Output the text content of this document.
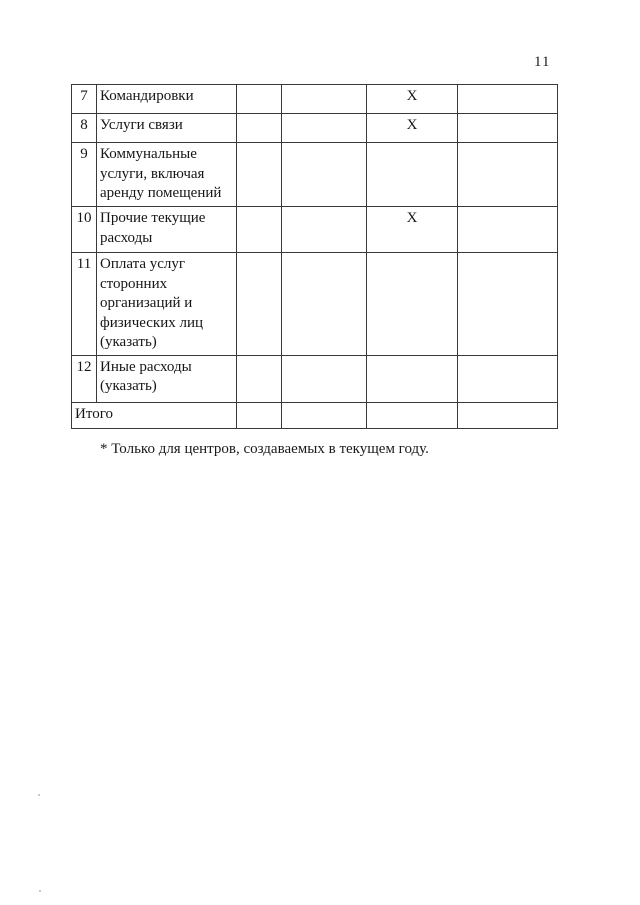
11
7	Командировки			X	
8	Услуги связи			X	
9	Коммунальные услуги, включая аренду помещений				
10	Прочие текущие расходы			X	
11	Оплата услуг сторонних организаций и физических лиц (указать)				
12	Иные расходы (указать)				
Итого					
* Только для центров, создаваемых в текущем году.
